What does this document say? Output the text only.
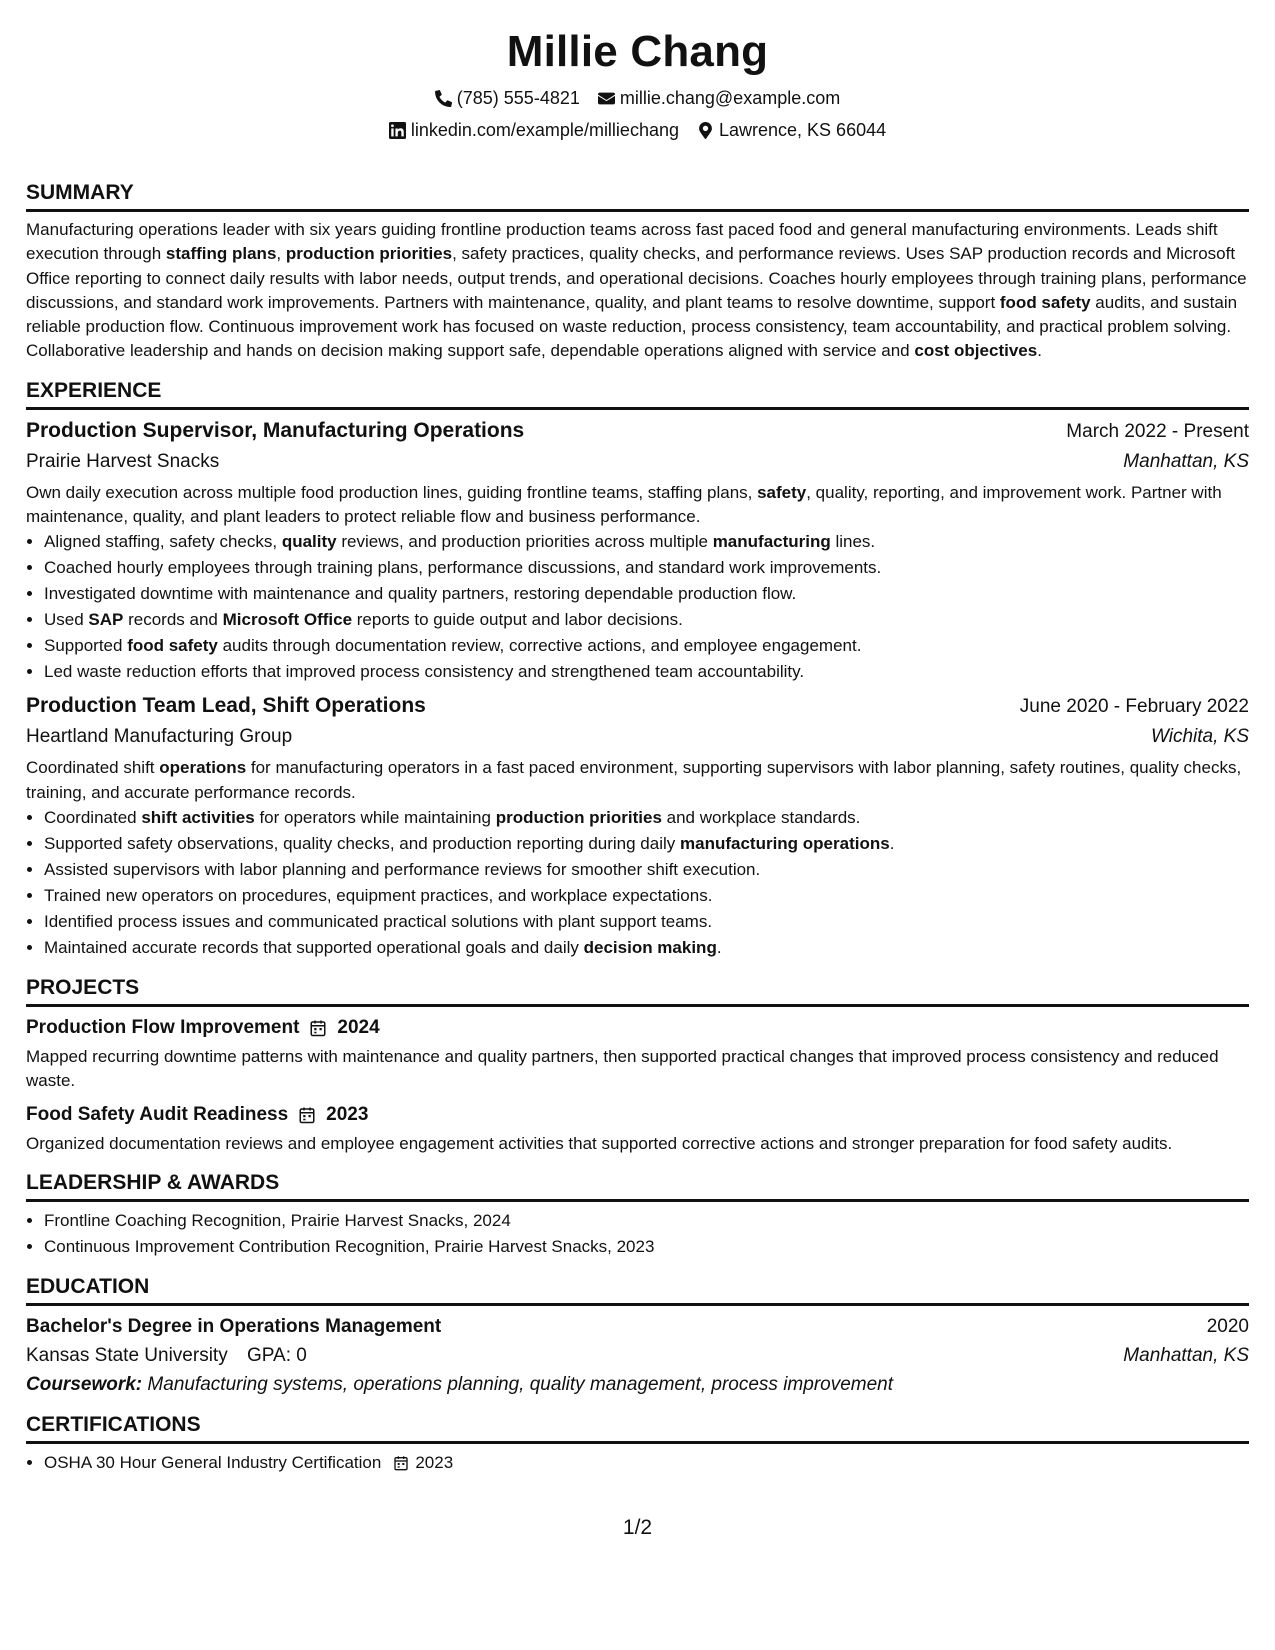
Millie Chang
(785) 555-4821 millie.chang@example.com
linkedin.com/example/milliechang Lawrence, KS 66044
SUMMARY
Manufacturing operations leader with six years guiding frontline production teams across fast paced food and general manufacturing environments. Leads shift execution through staffing plans, production priorities, safety practices, quality checks, and performance reviews. Uses SAP production records and Microsoft Office reporting to connect daily results with labor needs, output trends, and operational decisions. Coaches hourly employees through training plans, performance discussions, and standard work improvements. Partners with maintenance, quality, and plant teams to resolve downtime, support food safety audits, and sustain reliable production flow. Continuous improvement work has focused on waste reduction, process consistency, team accountability, and practical problem solving. Collaborative leadership and hands on decision making support safe, dependable operations aligned with service and cost objectives.
EXPERIENCE
Production Supervisor, Manufacturing Operations	March 2022 - Present
Prairie Harvest Snacks	Manhattan, KS
Own daily execution across multiple food production lines, guiding frontline teams, staffing plans, safety, quality, reporting, and improvement work. Partner with maintenance, quality, and plant leaders to protect reliable flow and business performance.
• Aligned staffing, safety checks, quality reviews, and production priorities across multiple manufacturing lines.
• Coached hourly employees through training plans, performance discussions, and standard work improvements.
• Investigated downtime with maintenance and quality partners, restoring dependable production flow.
• Used SAP records and Microsoft Office reports to guide output and labor decisions.
• Supported food safety audits through documentation review, corrective actions, and employee engagement.
• Led waste reduction efforts that improved process consistency and strengthened team accountability.
Production Team Lead, Shift Operations	June 2020 - February 2022
Heartland Manufacturing Group	Wichita, KS
Coordinated shift operations for manufacturing operators in a fast paced environment, supporting supervisors with labor planning, safety routines, quality checks, training, and accurate performance records.
• Coordinated shift activities for operators while maintaining production priorities and workplace standards.
• Supported safety observations, quality checks, and production reporting during daily manufacturing operations.
• Assisted supervisors with labor planning and performance reviews for smoother shift execution.
• Trained new operators on procedures, equipment practices, and workplace expectations.
• Identified process issues and communicated practical solutions with plant support teams.
• Maintained accurate records that supported operational goals and daily decision making.
PROJECTS
Production Flow Improvement 2024
Mapped recurring downtime patterns with maintenance and quality partners, then supported practical changes that improved process consistency and reduced waste.
Food Safety Audit Readiness 2023
Organized documentation reviews and employee engagement activities that supported corrective actions and stronger preparation for food safety audits.
LEADERSHIP & AWARDS
• Frontline Coaching Recognition, Prairie Harvest Snacks, 2024
• Continuous Improvement Contribution Recognition, Prairie Harvest Snacks, 2023
EDUCATION
Bachelor's Degree in Operations Management	2020
Kansas State University GPA: 0	Manhattan, KS
Coursework: Manufacturing systems, operations planning, quality management, process improvement
CERTIFICATIONS
• OSHA 30 Hour General Industry Certification 2023
1/2
